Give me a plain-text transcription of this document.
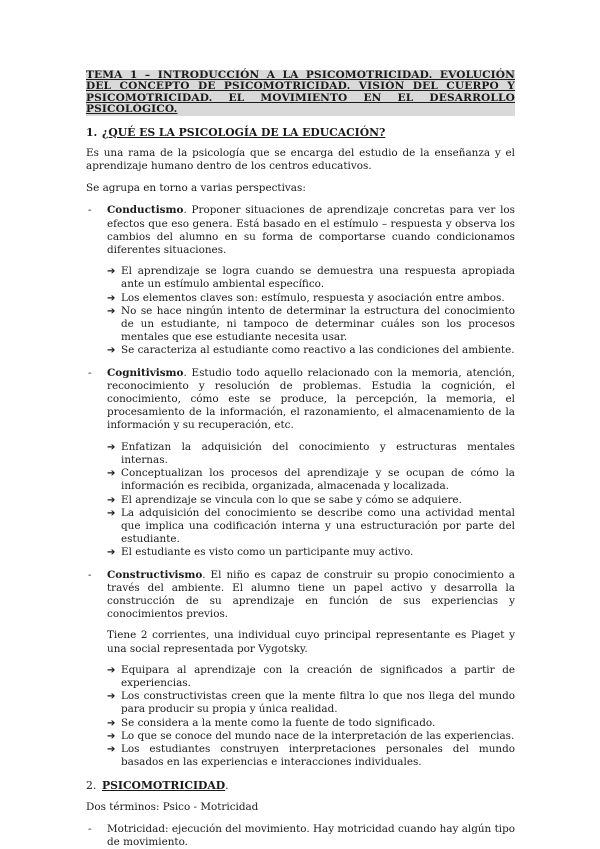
TEMA 1 – INTRODUCCIÓN A LA PSICOMOTRICIDAD. EVOLUCIÓN DEL CONCEPTO DE PSICOMOTRICIDAD. VISIÓN DEL CUERPO Y PSICOMOTRICIDAD. EL MOVIMIENTO EN EL DESARROLLO PSICOLÓGICO.
1. ¿QUÉ ES LA PSICOLOGÍA DE LA EDUCACIÓN?

Es una rama de la psicología que se encarga del estudio de la enseñanza y el aprendizaje humano dentro de los centros educativos.

Se agrupa en torno a varias perspectivas:

- Conductismo. Proponer situaciones de aprendizaje concretas para ver los efectos que eso genera. Está basado en el estímulo – respuesta y observa los cambios del alumno en su forma de comportarse cuando condicionamos diferentes situaciones.
➔ El aprendizaje se logra cuando se demuestra una respuesta apropiada ante un estímulo ambiental específico.
➔ Los elementos claves son: estímulo, respuesta y asociación entre ambos.
➔ No se hace ningún intento de determinar la estructura del conocimiento de un estudiante, ni tampoco de determinar cuáles son los procesos mentales que ese estudiante necesita usar.
➔ Se caracteriza al estudiante como reactivo a las condiciones del ambiente.
- Cognitivismo. Estudio todo aquello relacionado con la memoria, atención, reconocimiento y resolución de problemas. Estudia la cognición, el conocimiento, cómo este se produce, la percepción, la memoria, el procesamiento de la información, el razonamiento, el almacenamiento de la información y su recuperación, etc.
➔ Enfatizan la adquisición del conocimiento y estructuras mentales internas.
➔ Conceptualizan los procesos del aprendizaje y se ocupan de cómo la información es recibida, organizada, almacenada y localizada.
➔ El aprendizaje se vincula con lo que se sabe y cómo se adquiere.
➔ La adquisición del conocimiento se describe como una actividad mental que implica una codificación interna y una estructuración por parte del estudiante.
➔ El estudiante es visto como un participante muy activo.
- Constructivismo. El niño es capaz de construir su propio conocimiento a través del ambiente. El alumno tiene un papel activo y desarrolla la construcción de su aprendizaje en función de sus experiencias y conocimientos previos.

Tiene 2 corrientes, una individual cuyo principal representante es Piaget y una social representada por Vygotsky.

➔ Equipara al aprendizaje con la creación de significados a partir de experiencias.
➔ Los constructivistas creen que la mente filtra lo que nos llega del mundo para producir su propia y única realidad.
➔ Se considera a la mente como la fuente de todo significado.
➔ Lo que se conoce del mundo nace de la interpretación de las experiencias.
➔ Los estudiantes construyen interpretaciones personales del mundo basados en las experiencias e interacciones individuales.
2. PSICOMOTRICIDAD.

Dos términos: Psico - Motricidad

- Motricidad: ejecución del movimiento. Hay motricidad cuando hay algún tipo de movimiento.
